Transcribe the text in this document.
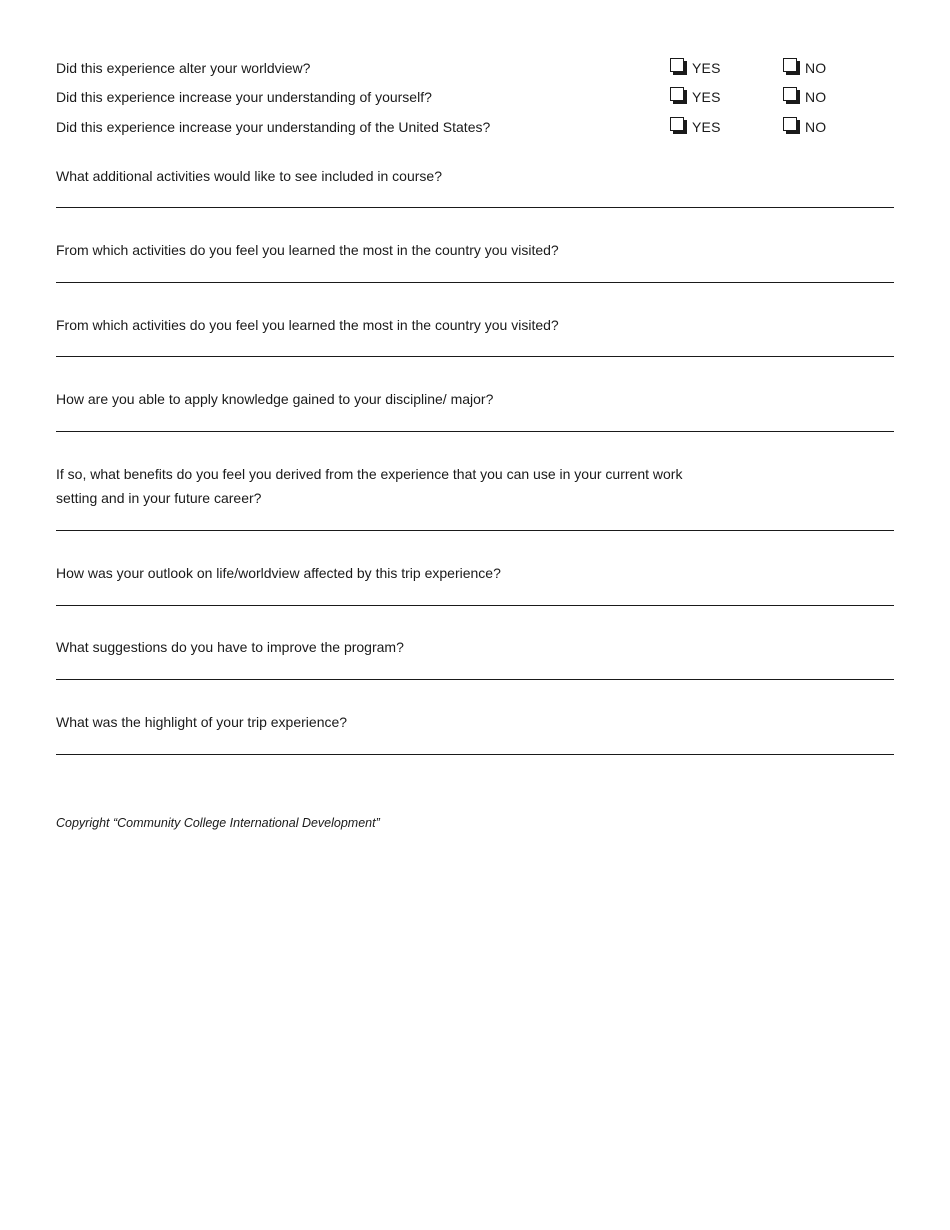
Did this experience alter your worldview?	YES	NO
Did this experience increase your understanding of yourself?	YES	NO
Did this experience increase your understanding of the United States?	YES	NO
What additional activities would like to see included in course?
From which activities do you feel you learned the most in the country you visited?
From which activities do you feel you learned the most in the country you visited?
How are you able to apply knowledge gained to your discipline/ major?
If so, what benefits do you feel you derived from the experience that you can use in your current work
setting and in your future career?
How was your outlook on life/worldview affected by this trip experience?
What suggestions do you have to improve the program?
What was the highlight of your trip experience?
Copyright “Community College International Development”
